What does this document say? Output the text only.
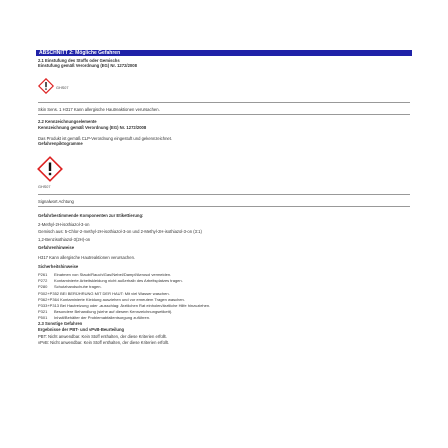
ABSCHNITT 2: Mögliche Gefahren
2.1 Einstufung des Stoffs oder Gemischs
Einstufung gemäß Verordnung (EG) Nr. 1272/2008
GHS07
Skin Sens. 1 H317 Kann allergische Hautreaktionen verursachen.
2.2 Kennzeichnungselemente
Kennzeichnung gemäß Verordnung (EG) Nr. 1272/2008
Das Produkt ist gemäß CLP-Verordnung eingestuft und gekennzeichnet.
Gefahrenpiktogramme
GHS07
Signalwort Achtung
Gefahrbestimmende Komponenten zur Etikettierung:
2-Methyl-2H-isothiazol-3-on
Gemisch aus: 5-Chlor-2-methyl-2H-isothiazol-3-on und 2-Methyl-2H-isothiazol-3-on (3:1)
1,2-Benzisothiazol-3(2H)-on
Gefahrenhinweise
H317 Kann allergische Hautreaktionen verursachen.
Sicherheitshinweise
P261 Einatmen von Staub/Rauch/Gas/Nebel/Dampf/Aerosol vermeiden.
P272 Kontaminierte Arbeitskleidung nicht außerhalb des Arbeitsplatzes tragen.
P280 Schutzhandschuhe tragen.
P302+P352 BEI BERÜHRUNG MIT DER HAUT: Mit viel Wasser waschen.
P362+P364 Kontaminierte Kleidung ausziehen und vor erneutem Tragen waschen.
P333+P313 Bei Hautreizung oder -ausschlag: Ärztlichen Rat einholen/ärztliche Hilfe hinzuziehen.
P321 Besondere Behandlung (siehe auf diesem Kennzeichnungsetikett).
P501 Inhalt/Behälter der Problemabfallentsorgung zuführen.
2.3 Sonstige Gefahren
Ergebnisse der PBT- und vPvB-Beurteilung
PBT: Nicht anwendbar. Kein Stoff enthalten, der diese Kriterien erfüllt.
vPvB: Nicht anwendbar. Kein Stoff enthalten, der diese Kriterien erfüllt.
